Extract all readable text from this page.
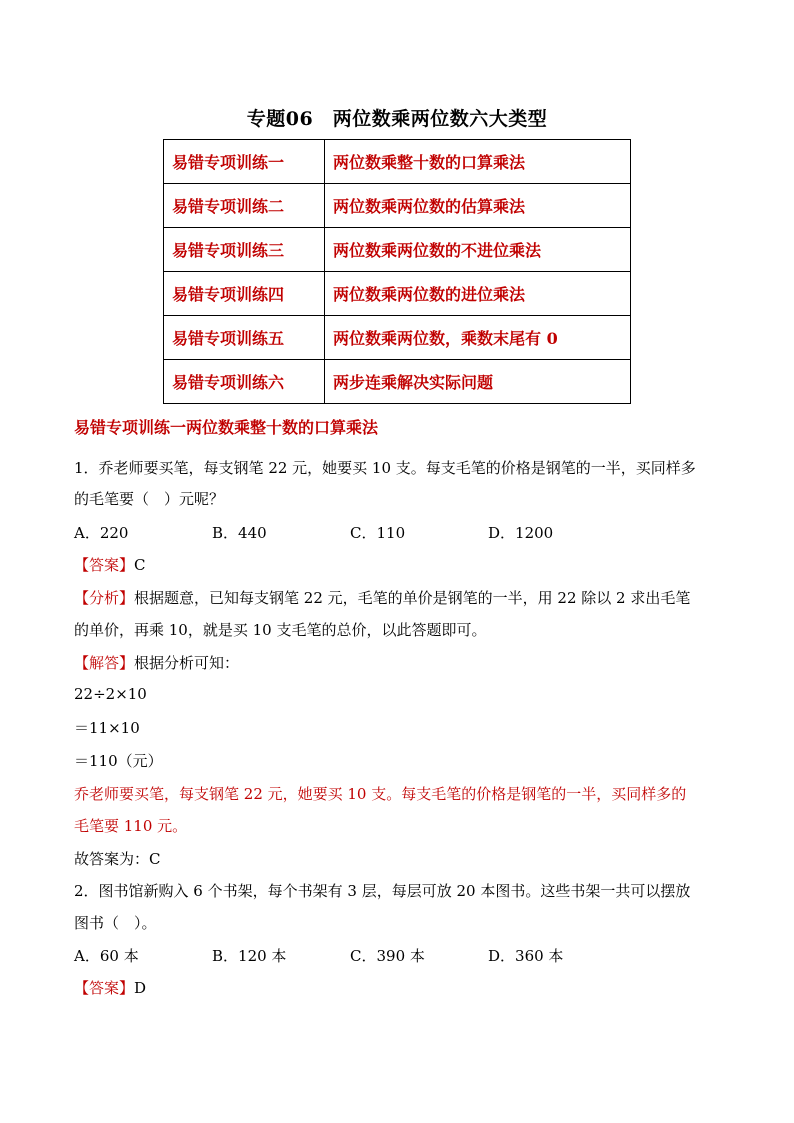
专题06　两位数乘两位数六大类型
易错专项训练一	两位数乘整十数的口算乘法
易错专项训练二	两位数乘两位数的估算乘法
易错专项训练三	两位数乘两位数的不进位乘法
易错专项训练四	两位数乘两位数的进位乘法
易错专项训练五	两位数乘两位数，乘数末尾有 0
易错专项训练六	两步连乘解决实际问题
易错专项训练一两位数乘整十数的口算乘法
1．乔老师要买笔，每支钢笔 22 元，她要买 10 支。每支毛笔的价格是钢笔的一半，买同样多
的毛笔要（　）元呢？
A．220	B．440	C．110	D．1200
【答案】C
【分析】根据题意，已知每支钢笔 22 元，毛笔的单价是钢笔的一半，用 22 除以 2 求出毛笔
的单价，再乘 10，就是买 10 支毛笔的总价，以此答题即可。
【解答】根据分析可知：
22÷2×10
＝11×10
＝110（元）
乔老师要买笔，每支钢笔 22 元，她要买 10 支。每支毛笔的价格是钢笔的一半，买同样多的
毛笔要 110 元。
故答案为：C
2．图书馆新购入 6 个书架，每个书架有 3 层，每层可放 20 本图书。这些书架一共可以摆放
图书（　）。
A．60 本	B．120 本	C．390 本	D．360 本
【答案】D
